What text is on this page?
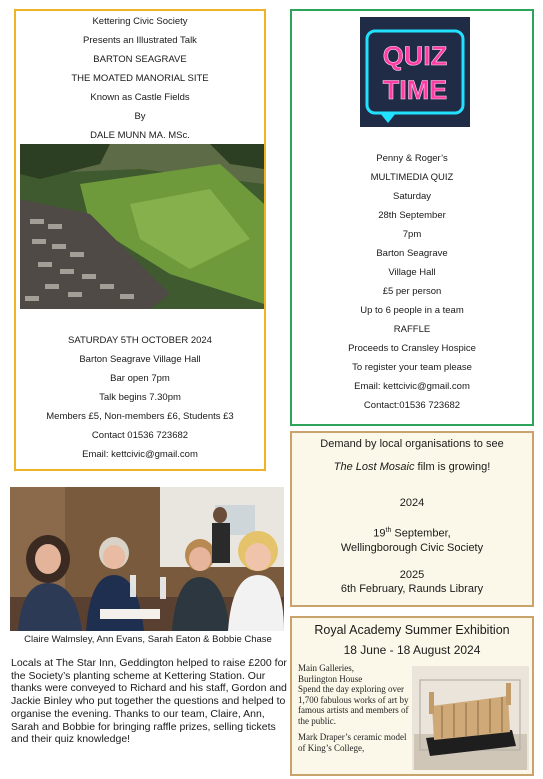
Kettering Civic Society
Presents an Illustrated Talk
BARTON SEAGRAVE
THE MOATED MANORIAL SITE
Known as Castle Fields
By
DALE MUNN MA. MSc.
SATURDAY 5TH OCTOBER 2024
Barton Seagrave Village Hall
Bar open 7pm
Talk begins 7.30pm
Members £5, Non-members £6, Students £3
Contact 01536 723682
Email: kettcivic@gmail.com
QUIZ
TIME
Penny & Roger’s
MULTIMEDIA QUIZ
Saturday
28th September
7pm
Barton Seagrave
Village Hall
£5 per person
Up to 6 people in a team
RAFFLE
Proceeds to Cransley Hospice
To register your team please
Email: kettcivic@gmail.com
Contact:01536 723682
Demand by local organisations to see
The Lost Mosaic film is growing!
2024
19th September,
Wellingborough Civic Society
2025
6th February, Raunds Library
Claire Walmsley, Ann Evans, Sarah Eaton & Bobbie Chase
Locals at The Star Inn, Geddington helped to raise £200 for the Society’s planting scheme at Kettering Station. Our thanks were conveyed to Richard and his staff, Gordon and Jackie Binley who put together the questions and helped to organise the evening. Thanks to our team, Claire, Ann, Sarah and Bobbie for bringing raffle prizes, selling tickets and their quiz knowledge!
Royal Academy Summer Exhibition
18 June - 18 August 2024
Main Galleries,
Burlington House
Spend the day exploring over 1,700 fabulous works of art by famous artists and members of the public.
Mark Draper’s ceramic model of King’s College,
